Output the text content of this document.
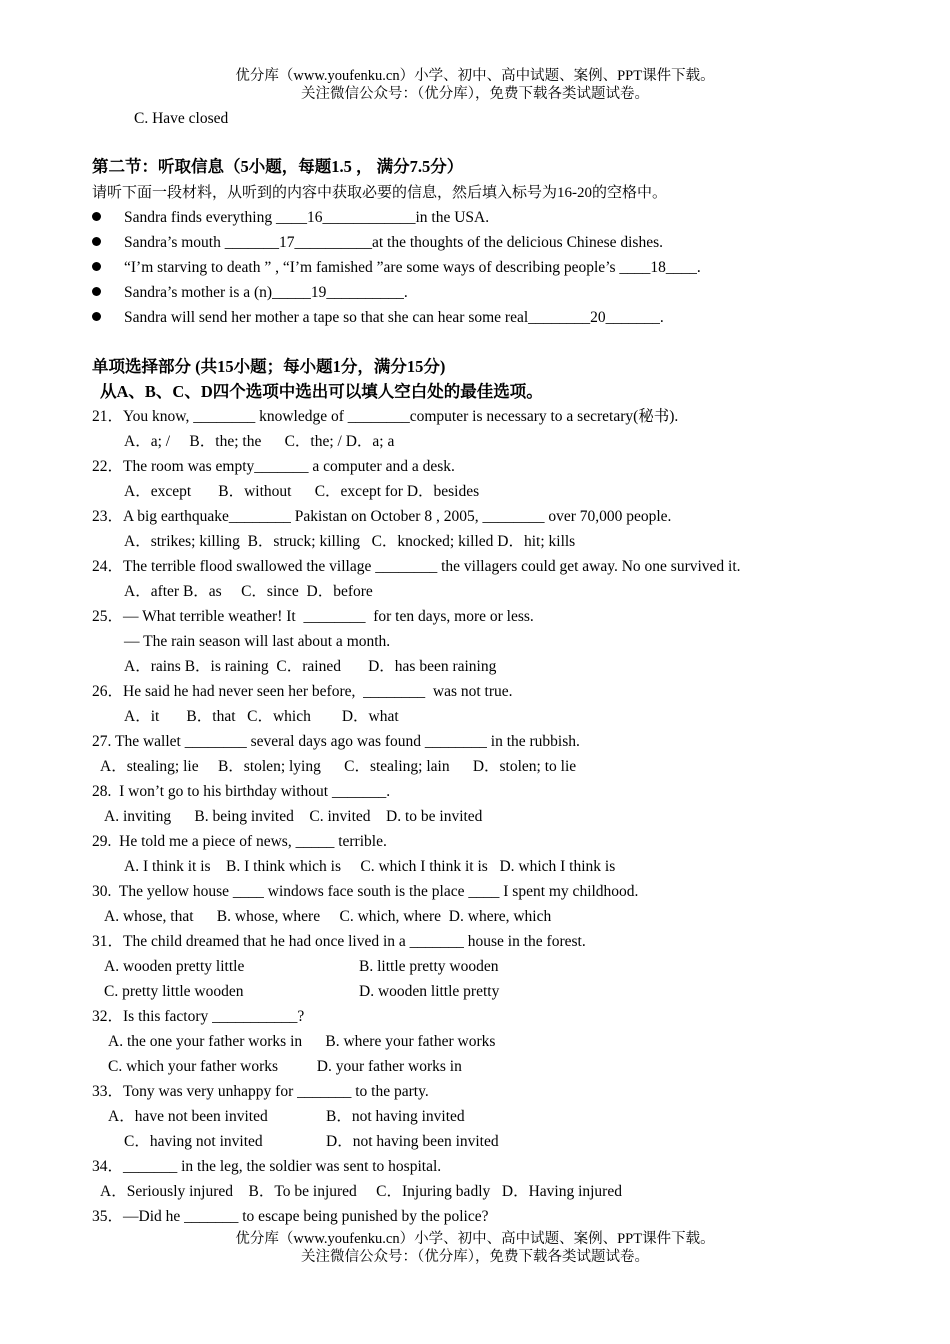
优分库（www.youfenku.cn）小学、初中、高中试题、案例、PPT课件下载。
关注微信公众号：（优分库），免费下载各类试题试卷。
C. Have closed
第二节：听取信息（5小题，每题1.5 ， 满分7.5分）
请听下面一段材料，从听到的内容中获取必要的信息，然后填入标号为16-20的空格中。
Sandra finds everything ____16____________in the USA.
Sandra’s mouth _______17__________at the thoughts of the delicious Chinese dishes.
“I’m starving to death ” , “I’m famished ”are some ways of describing people’s ____18____.
Sandra’s mother is a (n)_____19__________.
Sandra will send her mother a tape so that she can hear some real________20_______.
单项选择部分 (共15小题；每小题1分，满分15分)
从A、B、C、D四个选项中选出可以填人空白处的最佳选项。
21．You know, ________ knowledge of ________computer is necessary to a secretary(秘书).
A．a; /     B．the; the      C．the; / D．a; a
22．The room was empty_______ a computer and a desk.
A．except       B．without      C．except for D．besides
23．A big earthquake________ Pakistan on October 8 , 2005, ________ over 70,000 people.
A．strikes; killing  B．struck; killing   C．knocked; killed D．hit; kills
24．The terrible flood swallowed the village ________ the villagers could get away. No one survived it.
A．after B．as     C．since  D．before
25．— What terrible weather! It  ________  for ten days, more or less.
— The rain season will last about a month.
A．rains B．is raining  C．rained       D．has been raining
26．He said he had never seen her before,  ________  was not true.
A．it       B．that   C．which        D．what
27. The wallet ________ several days ago was found ________ in the rubbish.
A．stealing; lie     B．stolen; lying      C．stealing; lain      D．stolen; to lie
28.  I won’t go to his birthday without _______.
A. inviting      B. being invited    C. invited    D. to be invited
29.  He told me a piece of news, _____ terrible.
A. I think it is    B. I think which is     C. which I think it is   D. which I think is
30.  The yellow house ____ windows face south is the place ____ I spent my childhood.
A. whose, that      B. whose, where     C. which, where  D. where, which
31．The child dreamed that he had once lived in a _______ house in the forest.
A. wooden pretty little	B. little pretty wooden
C. pretty little wooden	D. wooden little pretty
32．Is this factory ___________?
A. the one your father works in      B. where your father works
C. which your father works          D. your father works in
33．Tony was very unhappy for _______ to the party.
A．have not been invited	B．not having invited
C．having not invited	D．not having been invited
34．_______ in the leg, the soldier was sent to hospital.
A．Seriously injured    B．To be injured     C．Injuring badly   D．Having injured
35．—Did he _______ to escape being punished by the police?
优分库（www.youfenku.cn）小学、初中、高中试题、案例、PPT课件下载。
关注微信公众号：（优分库），免费下载各类试题试卷。
